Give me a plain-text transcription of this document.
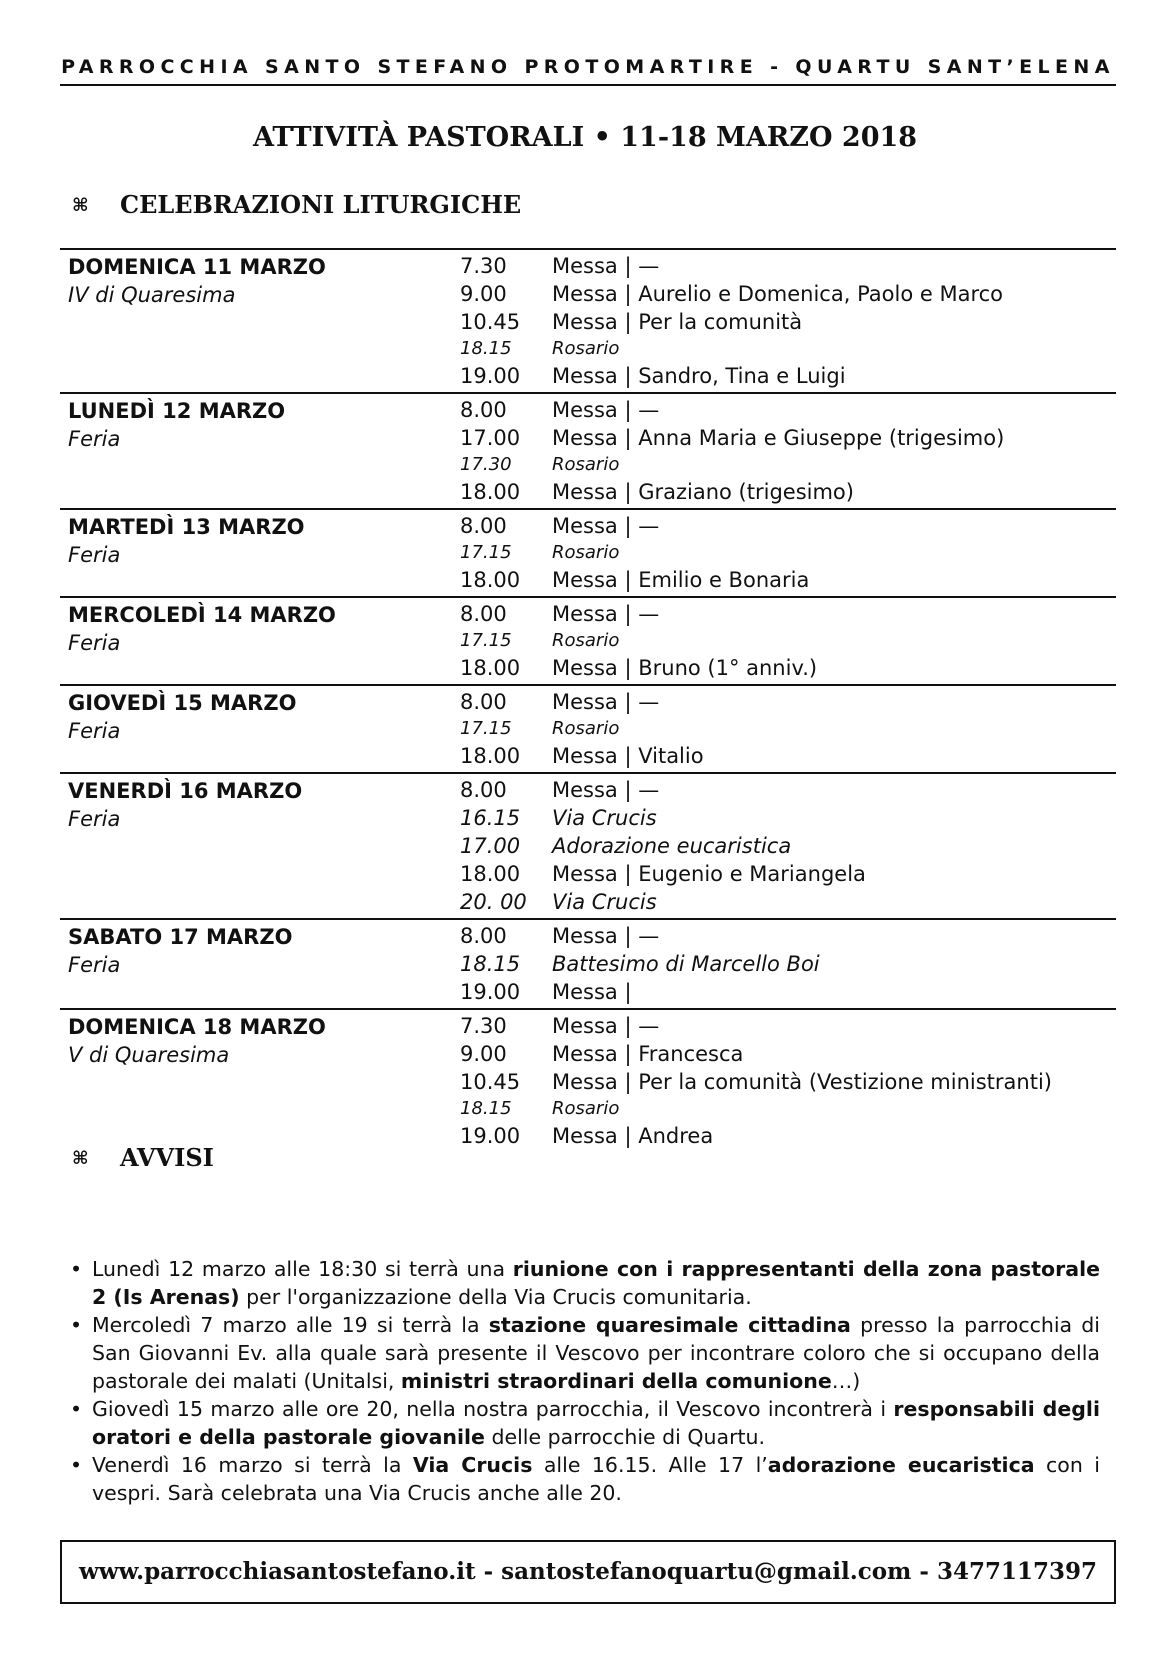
PARROCCHIA SANTO STEFANO PROTOMARTIRE - QUARTU SANT’ELENA
ATTIVITÀ PASTORALI • 11-18 MARZO 2018
⌘ CELEBRAZIONI LITURGICHE
DOMENICA 11 MARZO
IV di Quaresima
7.30 Messa | —
9.00 Messa | Aurelio e Domenica, Paolo e Marco
10.45 Messa | Per la comunità
18.15 Rosario
19.00 Messa | Sandro, Tina e Luigi
LUNEDÌ 12 MARZO
Feria
8.00 Messa | —
17.00 Messa | Anna Maria e Giuseppe (trigesimo)
17.30 Rosario
18.00 Messa | Graziano (trigesimo)
MARTEDÌ 13 MARZO
Feria
8.00 Messa | —
17.15 Rosario
18.00 Messa | Emilio e Bonaria
MERCOLEDÌ 14 MARZO
Feria
8.00 Messa | —
17.15 Rosario
18.00 Messa | Bruno (1° anniv.)
GIOVEDÌ 15 MARZO
Feria
8.00 Messa | —
17.15 Rosario
18.00 Messa | Vitalio
VENERDÌ 16 MARZO
Feria
8.00 Messa | —
16.15 Via Crucis
17.00 Adorazione eucaristica
18.00 Messa | Eugenio e Mariangela
20. 00 Via Crucis
SABATO 17 MARZO
Feria
8.00 Messa | —
18.15 Battesimo di Marcello Boi
19.00 Messa |
DOMENICA 18 MARZO
V di Quaresima
7.30 Messa | —
9.00 Messa | Francesca
10.45 Messa | Per la comunità (Vestizione ministranti)
18.15 Rosario
19.00 Messa | Andrea
⌘ AVVISI
• Lunedì 12 marzo alle 18:30 si terrà una riunione con i rappresentanti della zona pastorale 2 (Is Arenas) per l'organizzazione della Via Crucis comunitaria.
• Mercoledì 7 marzo alle 19 si terrà la stazione quaresimale cittadina presso la parrocchia di San Giovanni Ev. alla quale sarà presente il Vescovo per incontrare coloro che si occupano della pastorale dei malati (Unitalsi, ministri straordinari della comunione…)
• Giovedì 15 marzo alle ore 20, nella nostra parrocchia, il Vescovo incontrerà i responsabili degli oratori e della pastorale giovanile delle parrocchie di Quartu.
• Venerdì 16 marzo si terrà la Via Crucis alle 16.15. Alle 17 l’adorazione eucaristica con i vespri. Sarà celebrata una Via Crucis anche alle 20.
www.parrocchiasantostefano.it - santostefanoquartu@gmail.com - 3477117397
